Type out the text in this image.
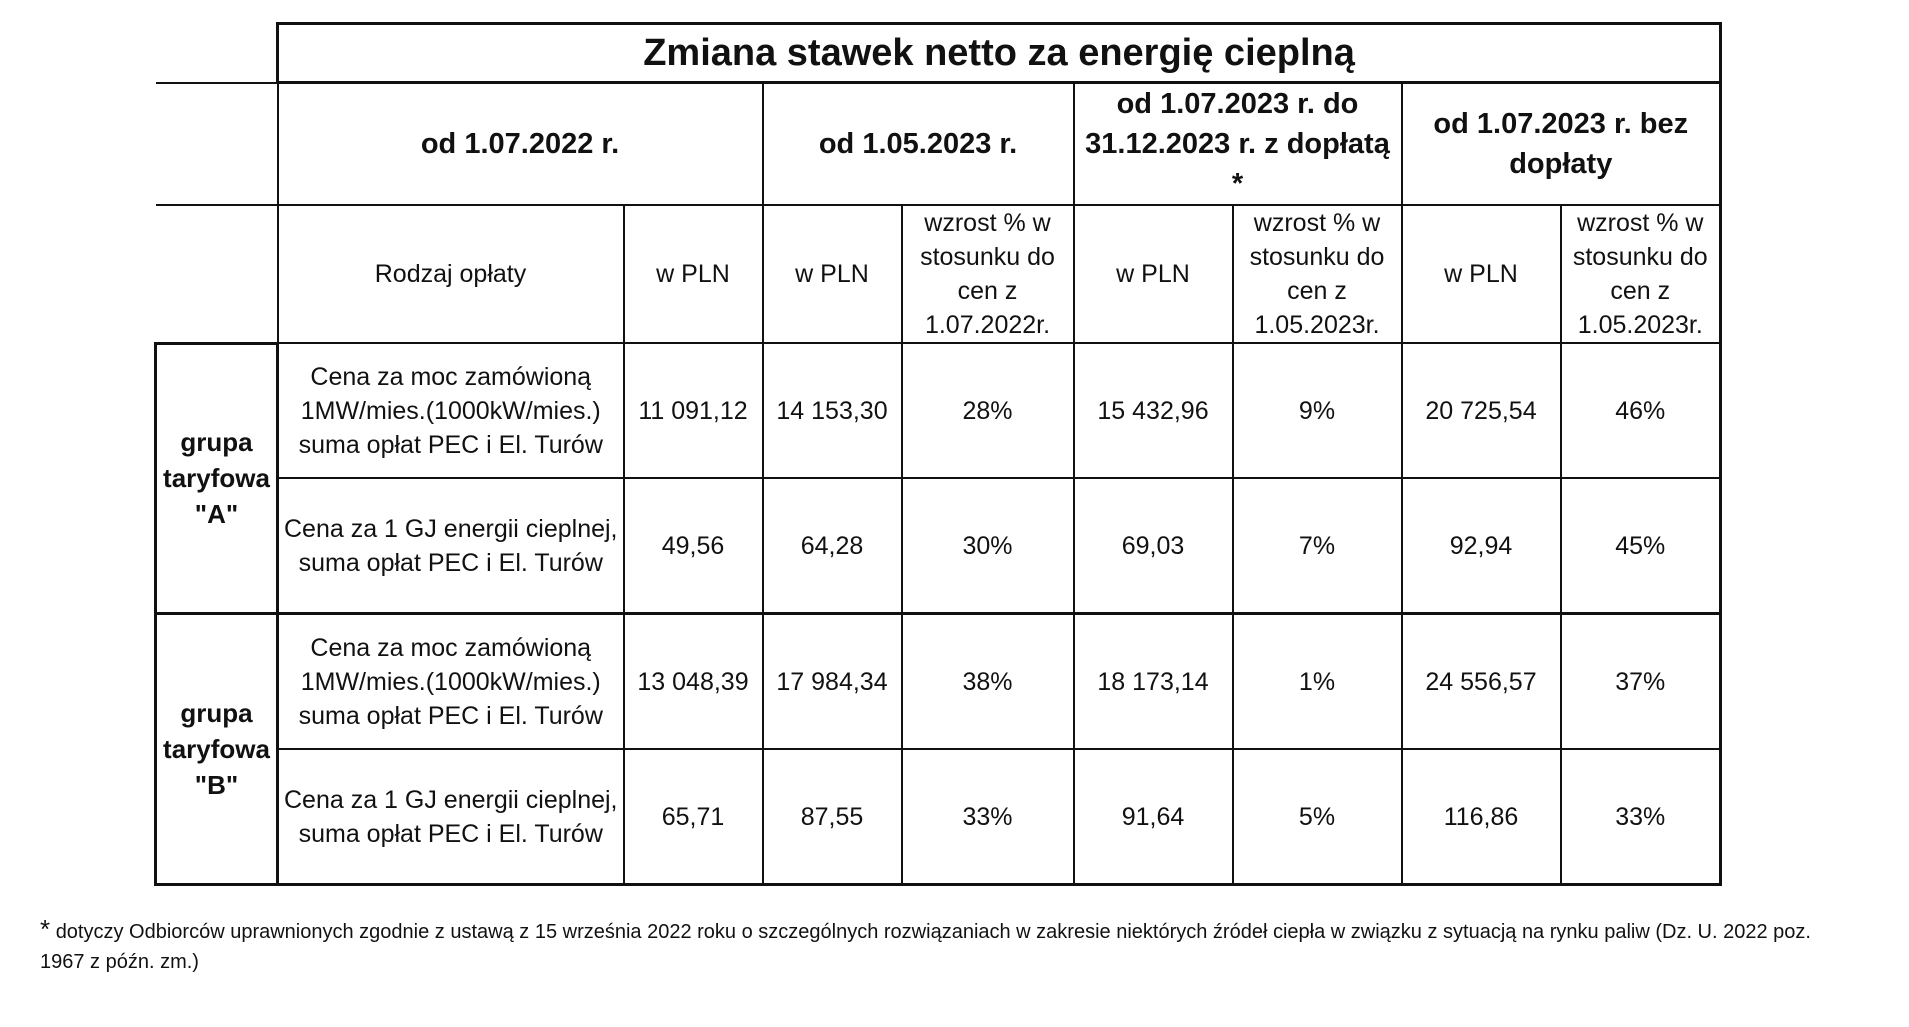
	Zmiana stawek netto za energię cieplną							
	od 1.07.2022 r.		od 1.05.2023 r.		od 1.07.2023 r. do 31.12.2023 r. z dopłatą *		od 1.07.2023 r. bez dopłaty	
	Rodzaj opłaty	w PLN	w PLN	wzrost % w stosunku do cen z 1.07.2022r.	w PLN	wzrost % w stosunku do cen z 1.05.2023r.	w PLN	wzrost % w stosunku do cen z 1.05.2023r.
grupa taryfowa "A"	Cena za moc zamówioną 1MW/mies.(1000kW/mies.) suma opłat PEC i El. Turów	11 091,12	14 153,30	28%	15 432,96	9%	20 725,54	46%
	Cena za 1 GJ energii cieplnej, suma opłat PEC i El. Turów	49,56	64,28	30%	69,03	7%	92,94	45%
grupa taryfowa "B"	Cena za moc zamówioną 1MW/mies.(1000kW/mies.) suma opłat PEC i El. Turów	13 048,39	17 984,34	38%	18 173,14	1%	24 556,57	37%
	Cena za 1 GJ energii cieplnej, suma opłat PEC i El. Turów	65,71	87,55	33%	91,64	5%	116,86	33%
* dotyczy Odbiorców uprawnionych zgodnie z ustawą z 15 września 2022 roku o szczególnych rozwiązaniach w zakresie niektórych źródeł ciepła w związku z sytuacją na rynku paliw (Dz. U. 2022 poz. 1967 z późn. zm.)
